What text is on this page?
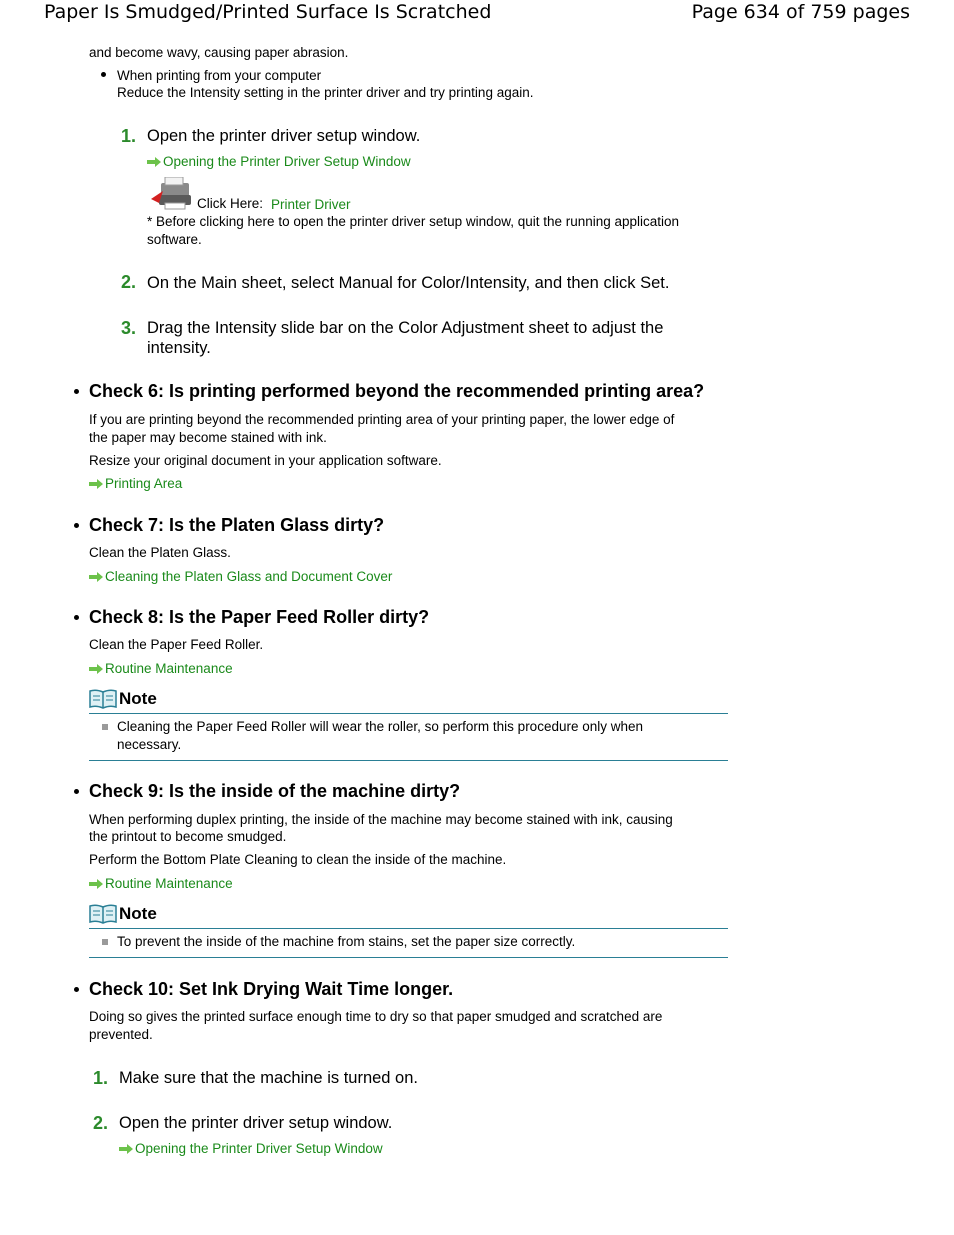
Paper Is Smudged/Printed Surface Is Scratched	Page 634 of 759 pages
and become wavy, causing paper abrasion.
When printing from your computer
Reduce the Intensity setting in the printer driver and try printing again.
1. Open the printer driver setup window.
Opening the Printer Driver Setup Window
Click Here: Printer Driver
* Before clicking here to open the printer driver setup window, quit the running application
software.
2. On the Main sheet, select Manual for Color/Intensity, and then click Set.
3. Drag the Intensity slide bar on the Color Adjustment sheet to adjust the
intensity.
Check 6: Is printing performed beyond the recommended printing area?
If you are printing beyond the recommended printing area of your printing paper, the lower edge of
the paper may become stained with ink.
Resize your original document in your application software.
Printing Area
Check 7: Is the Platen Glass dirty?
Clean the Platen Glass.
Cleaning the Platen Glass and Document Cover
Check 8: Is the Paper Feed Roller dirty?
Clean the Paper Feed Roller.
Routine Maintenance
Note
Cleaning the Paper Feed Roller will wear the roller, so perform this procedure only when
necessary.
Check 9: Is the inside of the machine dirty?
When performing duplex printing, the inside of the machine may become stained with ink, causing
the printout to become smudged.
Perform the Bottom Plate Cleaning to clean the inside of the machine.
Routine Maintenance
Note
To prevent the inside of the machine from stains, set the paper size correctly.
Check 10: Set Ink Drying Wait Time longer.
Doing so gives the printed surface enough time to dry so that paper smudged and scratched are
prevented.
1. Make sure that the machine is turned on.
2. Open the printer driver setup window.
Opening the Printer Driver Setup Window
